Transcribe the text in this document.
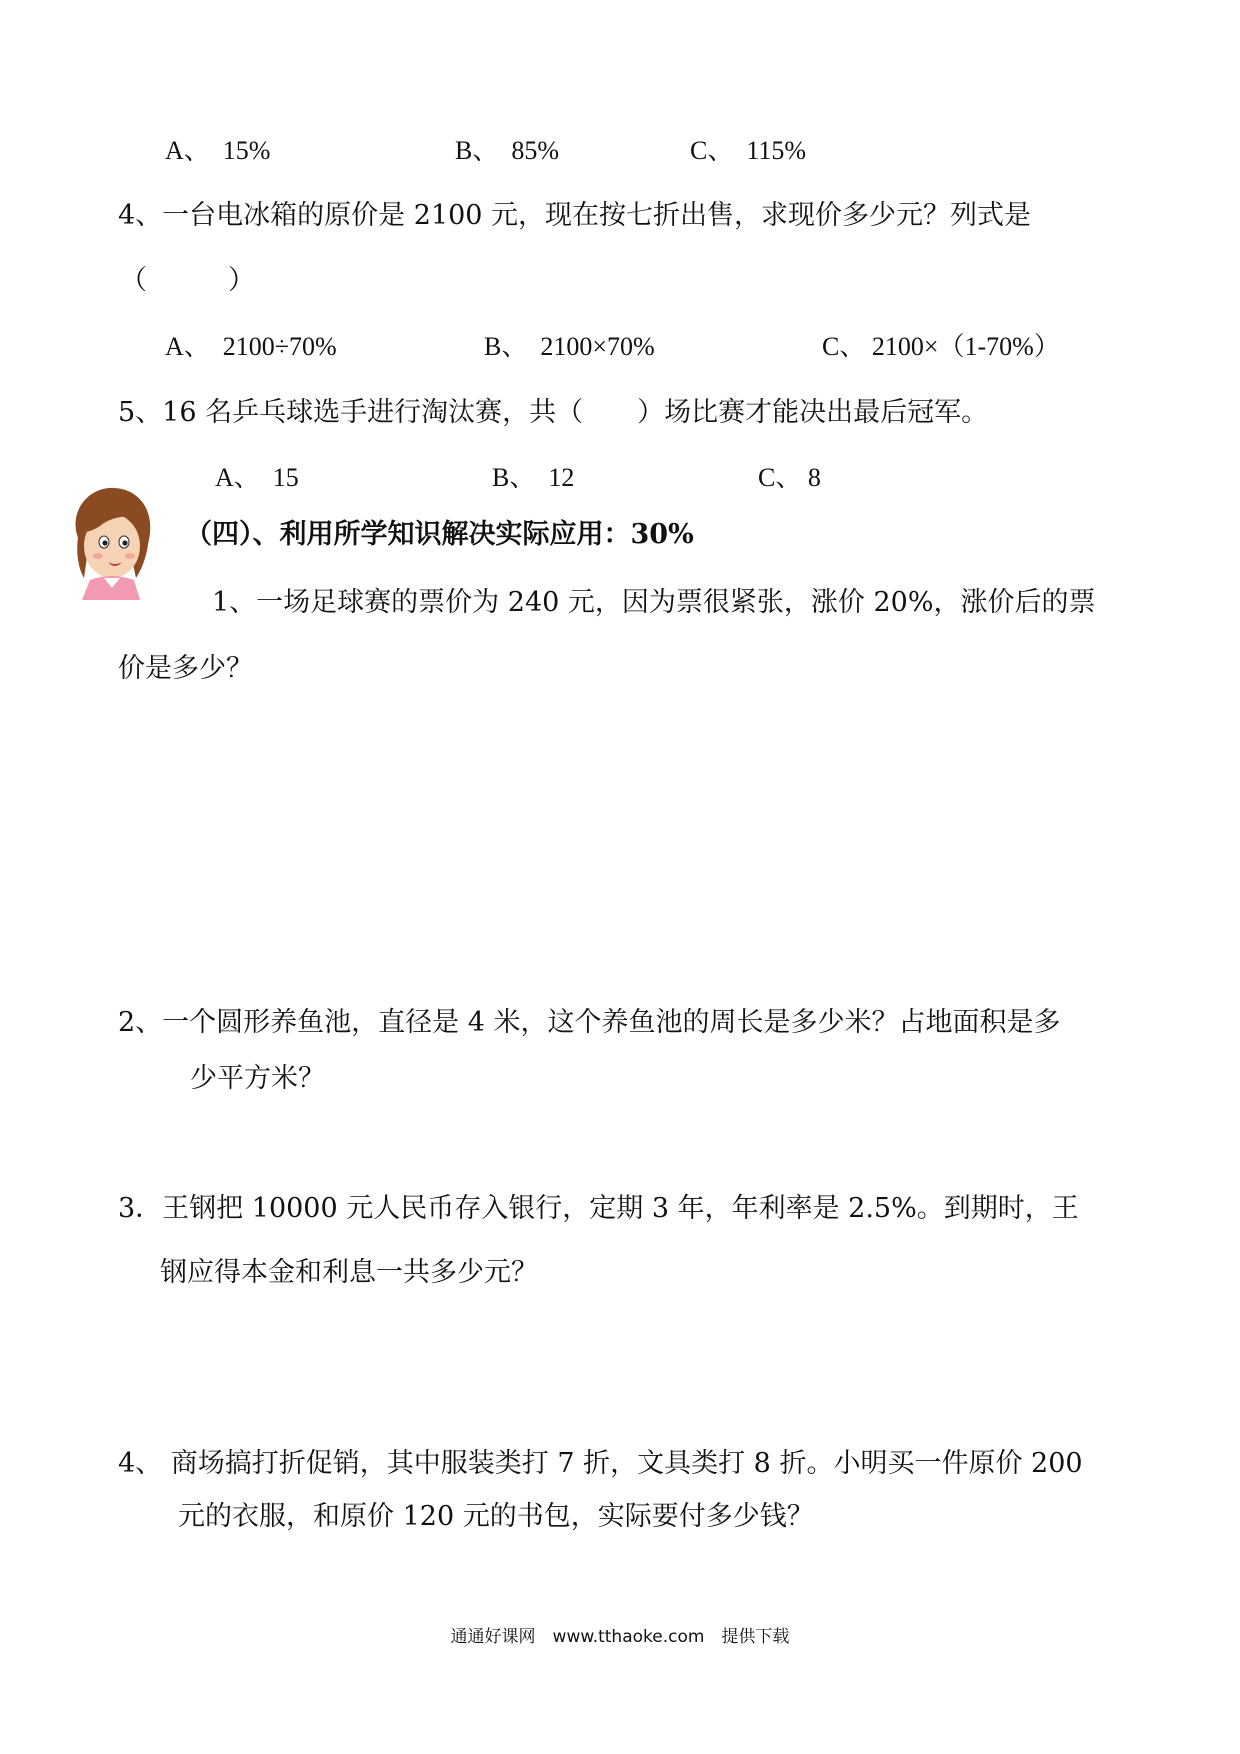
A、　15%	B、　85%	C、　115%
4、一台电冰箱的原价是 2100 元，现在按七折出售，求现价多少元？列式是
（　　　）
A、　2100÷70%	B、　2100×70%	C、 2100×（1-70%）
5、16 名乒乓球选手进行淘汰赛，共（　　）场比赛才能决出最后冠军。
A、　15	B、　12	C、 8
（四）、利用所学知识解决实际应用：30%
1、一场足球赛的票价为 240 元，因为票很紧张，涨价 20%，涨价后的票
价是多少？
2、一个圆形养鱼池，直径是 4 米，这个养鱼池的周长是多少米？占地面积是多
少平方米？
3．王钢把 10000 元人民币存入银行，定期 3 年，年利率是 2.5%。到期时，王
钢应得本金和利息一共多少元？
4、 商场搞打折促销，其中服装类打 7 折，文具类打 8 折。小明买一件原价 200
元的衣服，和原价 120 元的书包，实际要付多少钱？
通通好课网　www.tthaoke.com　提供下载
